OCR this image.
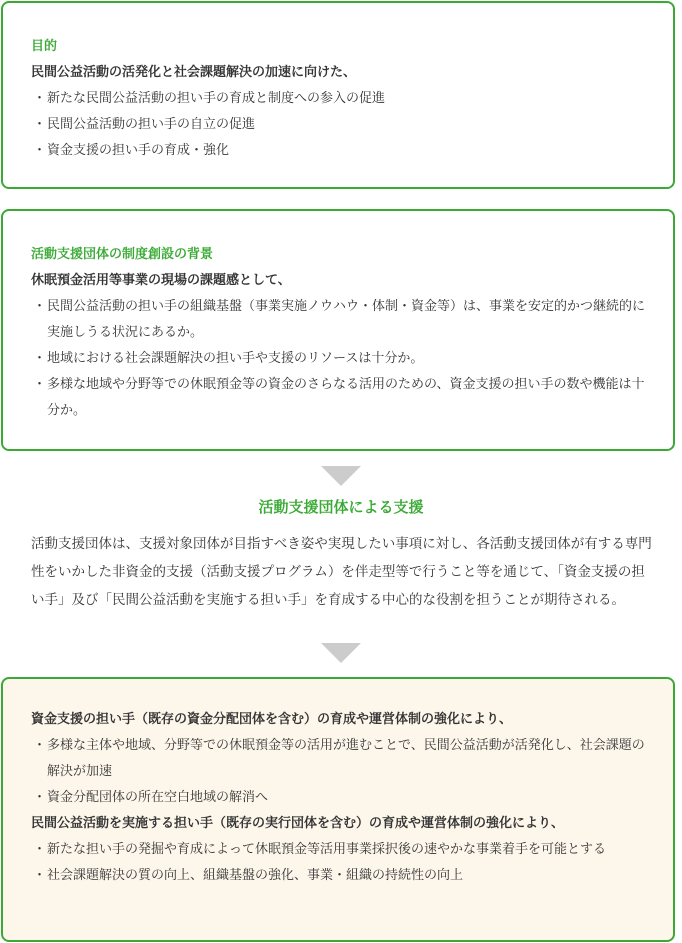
目的

民間公益活動の活発化と社会課題解決の加速に向けた、

・ 新たな民間公益活動の担い手の育成と制度への参入の促進
・ 民間公益活動の担い手の自立の促進
・ 資金支援の担い手の育成・強化

活動支援団体の制度創設の背景

休眠預金活用等事業の現場の課題感として、

・ 民間公益活動の担い手の組織基盤（事業実施ノウハウ・体制・資金等）は、事業を安定的かつ継続的に実施しうる状況にあるか。
・ 地域における社会課題解決の担い手や支援のリソースは十分か。
・ 多様な地域や分野等での休眠預金等の資金のさらなる活用のための、資金支援の担い手の数や機能は十分か。

活動支援団体による支援

活動支援団体は、支援対象団体が目指すべき姿や実現したい事項に対し、各活動支援団体が有する専門性をいかした非資金的支援（活動支援プログラム）を伴走型等で行うこと等を通じて、「資金支援の担い手」及び「民間公益活動を実施する担い手」を育成する中心的な役割を担うことが期待される。

資金支援の担い手（既存の資金分配団体を含む）の育成や運営体制の強化により、

・ 多様な主体や地域、分野等での休眠預金等の活用が進むことで、民間公益活動が活発化し、社会課題の解決が加速
・ 資金分配団体の所在空白地域の解消へ

民間公益活動を実施する担い手（既存の実行団体を含む）の育成や運営体制の強化により、

・ 新たな担い手の発掘や育成によって休眠預金等活用事業採択後の速やかな事業着手を可能とする
・ 社会課題解決の質の向上、組織基盤の強化、事業・組織の持続性の向上
